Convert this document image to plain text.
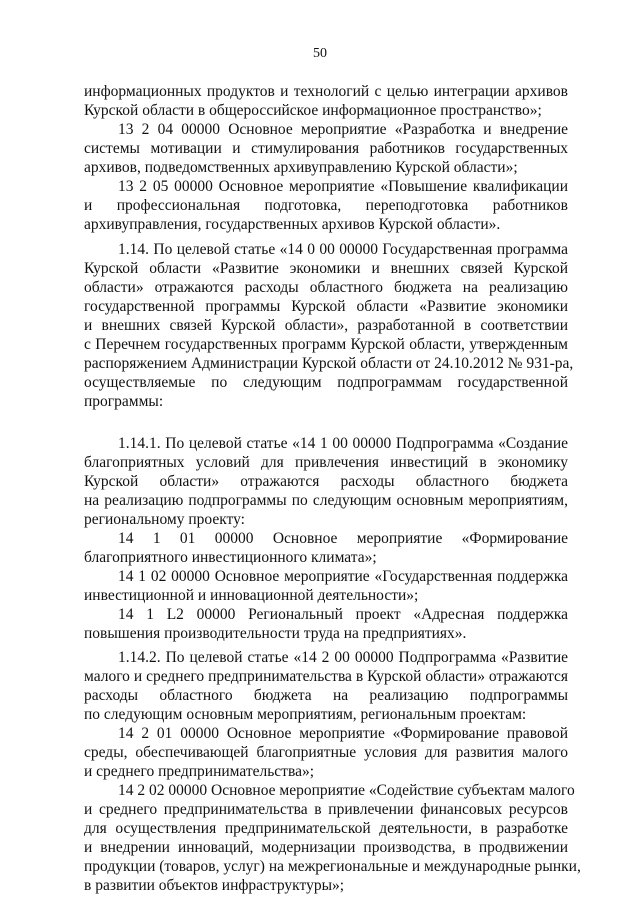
50
информационных продуктов и технологий с целью интеграции архивов
Курской области в общероссийское информационное пространство»;
13 2 04 00000 Основное мероприятие «Разработка и внедрение
системы мотивации и стимулирования работников государственных
архивов, подведомственных архивуправлению Курской области»;
13 2 05 00000 Основное мероприятие «Повышение квалификации
и профессиональная подготовка, переподготовка работников
архивуправления, государственных архивов Курской области».
1.14. По целевой статье «14 0 00 00000 Государственная программа
Курской области «Развитие экономики и внешних связей Курской
области» отражаются расходы областного бюджета на реализацию
государственной программы Курской области «Развитие экономики
и внешних связей Курской области», разработанной в соответствии
с Перечнем государственных программ Курской области, утвержденным
распоряжением Администрации Курской области от 24.10.2012 № 931-ра,
осуществляемые по следующим подпрограммам государственной
программы:
1.14.1. По целевой статье «14 1 00 00000 Подпрограмма «Создание
благоприятных условий для привлечения инвестиций в экономику
Курской области» отражаются расходы областного бюджета
на реализацию подпрограммы по следующим основным мероприятиям,
региональному проекту:
14 1 01 00000 Основное мероприятие «Формирование
благоприятного инвестиционного климата»;
14 1 02 00000 Основное мероприятие «Государственная поддержка
инвестиционной и инновационной деятельности»;
14 1 L2 00000 Региональный проект «Адресная поддержка
повышения производительности труда на предприятиях».
1.14.2. По целевой статье «14 2 00 00000 Подпрограмма «Развитие
малого и среднего предпринимательства в Курской области» отражаются
расходы областного бюджета на реализацию подпрограммы
по следующим основным мероприятиям, региональным проектам:
14 2 01 00000 Основное мероприятие «Формирование правовой
среды, обеспечивающей благоприятные условия для развития малого
и среднего предпринимательства»;
14 2 02 00000 Основное мероприятие «Содействие субъектам малого
и среднего предпринимательства в привлечении финансовых ресурсов
для осуществления предпринимательской деятельности, в разработке
и внедрении инноваций, модернизации производства, в продвижении
продукции (товаров, услуг) на межрегиональные и международные рынки,
в развитии объектов инфраструктуры»;
